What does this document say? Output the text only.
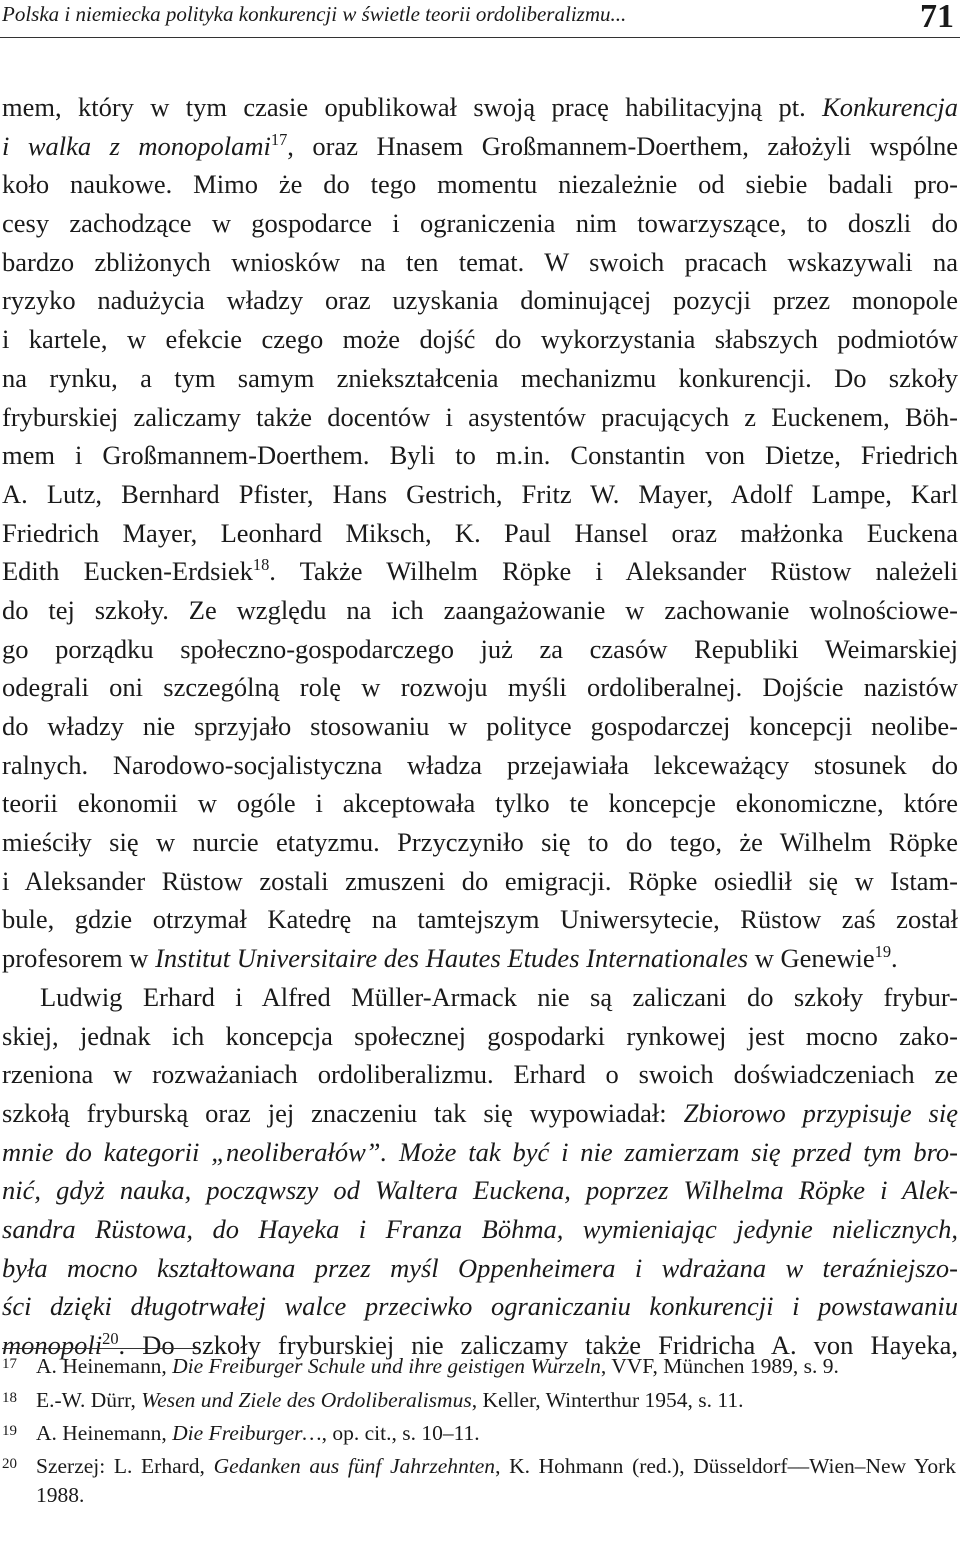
Polska i niemiecka polityka konkurencji w świetle teorii ordoliberalizmu...	71
mem, który w tym czasie opublikował swoją pracę habilitacyjną pt. Konkurencja
i walka z monopolami$^{17}$, oraz Hnasem Großmannem-Doerthem, założyli wspólne
koło naukowe. Mimo że do tego momentu niezależnie od siebie badali pro-
cesy zachodzące w gospodarce i ograniczenia nim towarzyszące, to doszli do
bardzo zbliżonych wniosków na ten temat. W swoich pracach wskazywali na
ryzyko nadużycia władzy oraz uzyskania dominującej pozycji przez monopole
i kartele, w efekcie czego może dojść do wykorzystania słabszych podmiotów
na rynku, a tym samym zniekształcenia mechanizmu konkurencji. Do szkoły
fryburskiej zaliczamy także docentów i asystentów pracujących z Euckenem, Böh-
mem i Großmannem-Doerthem. Byli to m.in. Constantin von Dietze, Friedrich
A. Lutz, Bernhard Pfister, Hans Gestrich, Fritz W. Mayer, Adolf Lampe, Karl
Friedrich Mayer, Leonhard Miksch, K. Paul Hansel oraz małżonka Euckena
Edith Eucken-Erdsiek$^{18}$. Także Wilhelm Röpke i Aleksander Rüstow należeli
do tej szkoły. Ze względu na ich zaangażowanie w zachowanie wolnościowe-
go porządku społeczno-gospodarczego już za czasów Republiki Weimarskiej
odegrali oni szczególną rolę w rozwoju myśli ordoliberalnej. Dojście nazistów
do władzy nie sprzyjało stosowaniu w polityce gospodarczej koncepcji neolibe-
ralnych. Narodowo-socjalistyczna władza przejawiała lekceważący stosunek do
teorii ekonomii w ogóle i akceptowała tylko te koncepcje ekonomiczne, które
mieściły się w nurcie etatyzmu. Przyczyniło się to do tego, że Wilhelm Röpke
i Aleksander Rüstow zostali zmuszeni do emigracji. Röpke osiedlił się w Istam-
bule, gdzie otrzymał Katedrę na tamtejszym Uniwersytecie, Rüstow zaś został
profesorem w Institut Universitaire des Hautes Etudes Internationales w Genewie$^{19}$.
Ludwig Erhard i Alfred Müller-Armack nie są zaliczani do szkoły frybur-
skiej, jednak ich koncepcja społecznej gospodarki rynkowej jest mocno zako-
rzeniona w rozważaniach ordoliberalizmu. Erhard o swoich doświadczeniach ze
szkołą fryburską oraz jej znaczeniu tak się wypowiadał: Zbiorowo przypisuje się
mnie do kategorii „neoliberałów”. Może tak być i nie zamierzam się przed tym bro-
nić, gdyż nauka, począwszy od Waltera Euckena, poprzez Wilhelma Röpke i Alek-
sandra Rüstowa, do Hayeka i Franza Böhma, wymieniając jedynie nielicznych,
była mocno kształtowana przez myśl Oppenheimera i wdrażana w teraźniejszo-
ści dzięki długotrwałej walce przeciwko ograniczaniu konkurencji i powstawaniu
monopoli$^{20}$. Do szkoły fryburskiej nie zaliczamy także Fridricha A. von Hayeka,
17 A. Heinemann, Die Freiburger Schule und ihre geistigen Wurzeln, VVF, München 1989, s. 9.
18 E.-W. Dürr, Wesen und Ziele des Ordoliberalismus, Keller, Winterthur 1954, s. 11.
19 A. Heinemann, Die Freiburger…, op. cit., s. 10–11.
20 Szerzej: L. Erhard, Gedanken aus fünf Jahrzehnten, K. Hohmann (red.), Düsseldorf––Wien–New York 1988.
